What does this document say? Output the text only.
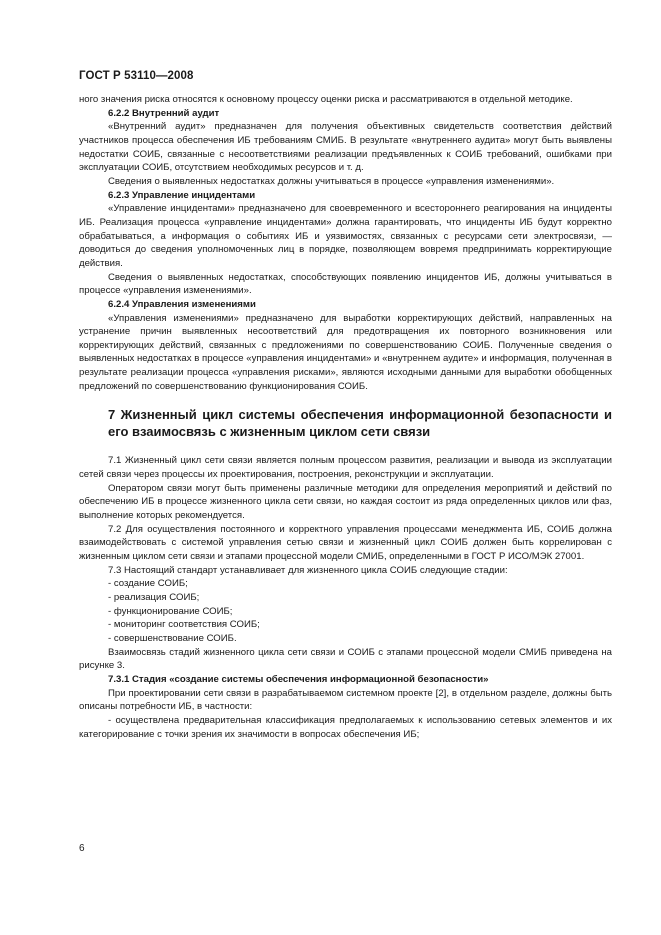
ГОСТ Р 53110—2008

ного значения риска относятся к основному процессу оценки риска и рассматриваются в отдельной методике.

6.2.2 Внутренний аудит

«Внутренний аудит» предназначен для получения объективных свидетельств соответствия действий участников процесса обеспечения ИБ требованиям СМИБ. В результате «внутреннего аудита» могут быть выявлены недостатки СОИБ, связанные с несоответствиями реализации предъявленных к СОИБ требований, ошибками при эксплуатации СОИБ, отсутствием необходимых ресурсов и т. д.

Сведения о выявленных недостатках должны учитываться в процессе «управления изменениями».

6.2.3 Управление инцидентами

«Управление инцидентами» предназначено для своевременного и всестороннего реагирования на инциденты ИБ. Реализация процесса «управление инцидентами» должна гарантировать, что инциденты ИБ будут корректно обрабатываться, а информация о событиях ИБ и уязвимостях, связанных с ресурсами сети электросвязи, — доводиться до сведения уполномоченных лиц в порядке, позволяющем вовремя предпринимать корректирующие действия.

Сведения о выявленных недостатках, способствующих появлению инцидентов ИБ, должны учитываться в процессе «управления изменениями».

6.2.4 Управления изменениями

«Управления изменениями» предназначено для выработки корректирующих действий, направленных на устранение причин выявленных несоответствий для предотвращения их повторного возникновения или корректирующих действий, связанных с предложениями по совершенствованию СОИБ. Полученные сведения о выявленных недостатках в процессе «управления инцидентами» и «внутреннем аудите» и информация, полученная в результате реализации процесса «управления рисками», являются исходными данными для выработки обобщенных предложений по совершенствованию функционирования СОИБ.

7 Жизненный цикл системы обеспечения информационной безопасности и его взаимосвязь с жизненным циклом сети связи

7.1 Жизненный цикл сети связи является полным процессом развития, реализации и вывода из эксплуатации сетей связи через процессы их проектирования, построения, реконструкции и эксплуатации.

Оператором связи могут быть применены различные методики для определения мероприятий и действий по обеспечению ИБ в процессе жизненного цикла сети связи, но каждая состоит из ряда определенных циклов или фаз, выполнение которых рекомендуется.

7.2 Для осуществления постоянного и корректного управления процессами менеджмента ИБ, СОИБ должна взаимодействовать с системой управления сетью связи и жизненный цикл СОИБ должен быть коррелирован с жизненным циклом сети связи и этапами процессной модели СМИБ, определенными в ГОСТ Р ИСО/МЭК 27001.

7.3 Настоящий стандарт устанавливает для жизненного цикла СОИБ следующие стадии:

- создание СОИБ;
- реализация СОИБ;
- функционирование СОИБ;
- мониторинг соответствия СОИБ;
- совершенствование СОИБ.

Взаимосвязь стадий жизненного цикла сети связи и СОИБ с этапами процессной модели СМИБ приведена на рисунке 3.

7.3.1 Стадия «создание системы обеспечения информационной безопасности»

При проектировании сети связи в разрабатываемом системном проекте [2], в отдельном разделе, должны быть описаны потребности ИБ, в частности:

- осуществлена предварительная классификация предполагаемых к использованию сетевых элементов и их категорирование с точки зрения их значимости в вопросах обеспечения ИБ;

6
